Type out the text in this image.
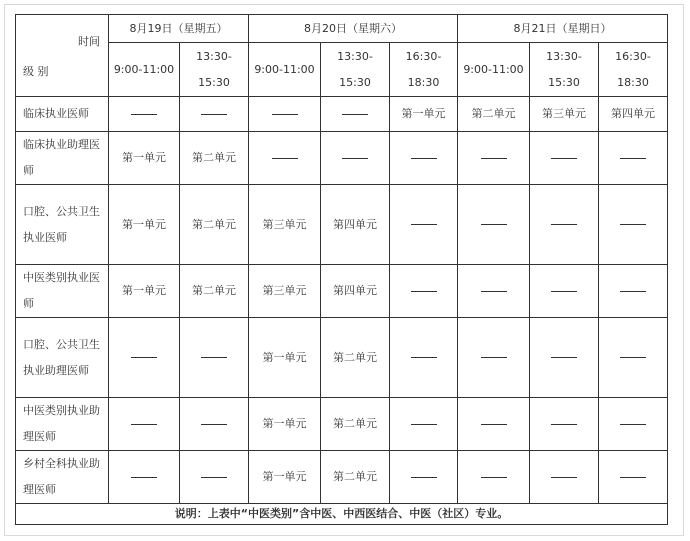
时间
级 别	8月19日（星期五）		8月20日（星期六）			8月21日（星期日）		
	9:00-11:00	13:30-15:30	9:00-11:00	13:30-15:30	16:30-18:30	9:00-11:00	13:30-15:30	16:30-18:30
临床执业医师					第一单元	第二单元	第三单元	第四单元
临床执业助理医师	第一单元	第二单元						
口腔、公共卫生执业医师	第一单元	第二单元	第三单元	第四单元				
中医类别执业医师	第一单元	第二单元	第三单元	第四单元				
口腔、公共卫生执业助理医师			第一单元	第二单元				
中医类别执业助理医师			第一单元	第二单元				
乡村全科执业助理医师			第一单元	第二单元				
说明：上表中“中医类别”含中医、中西医结合、中医（社区）专业。								
